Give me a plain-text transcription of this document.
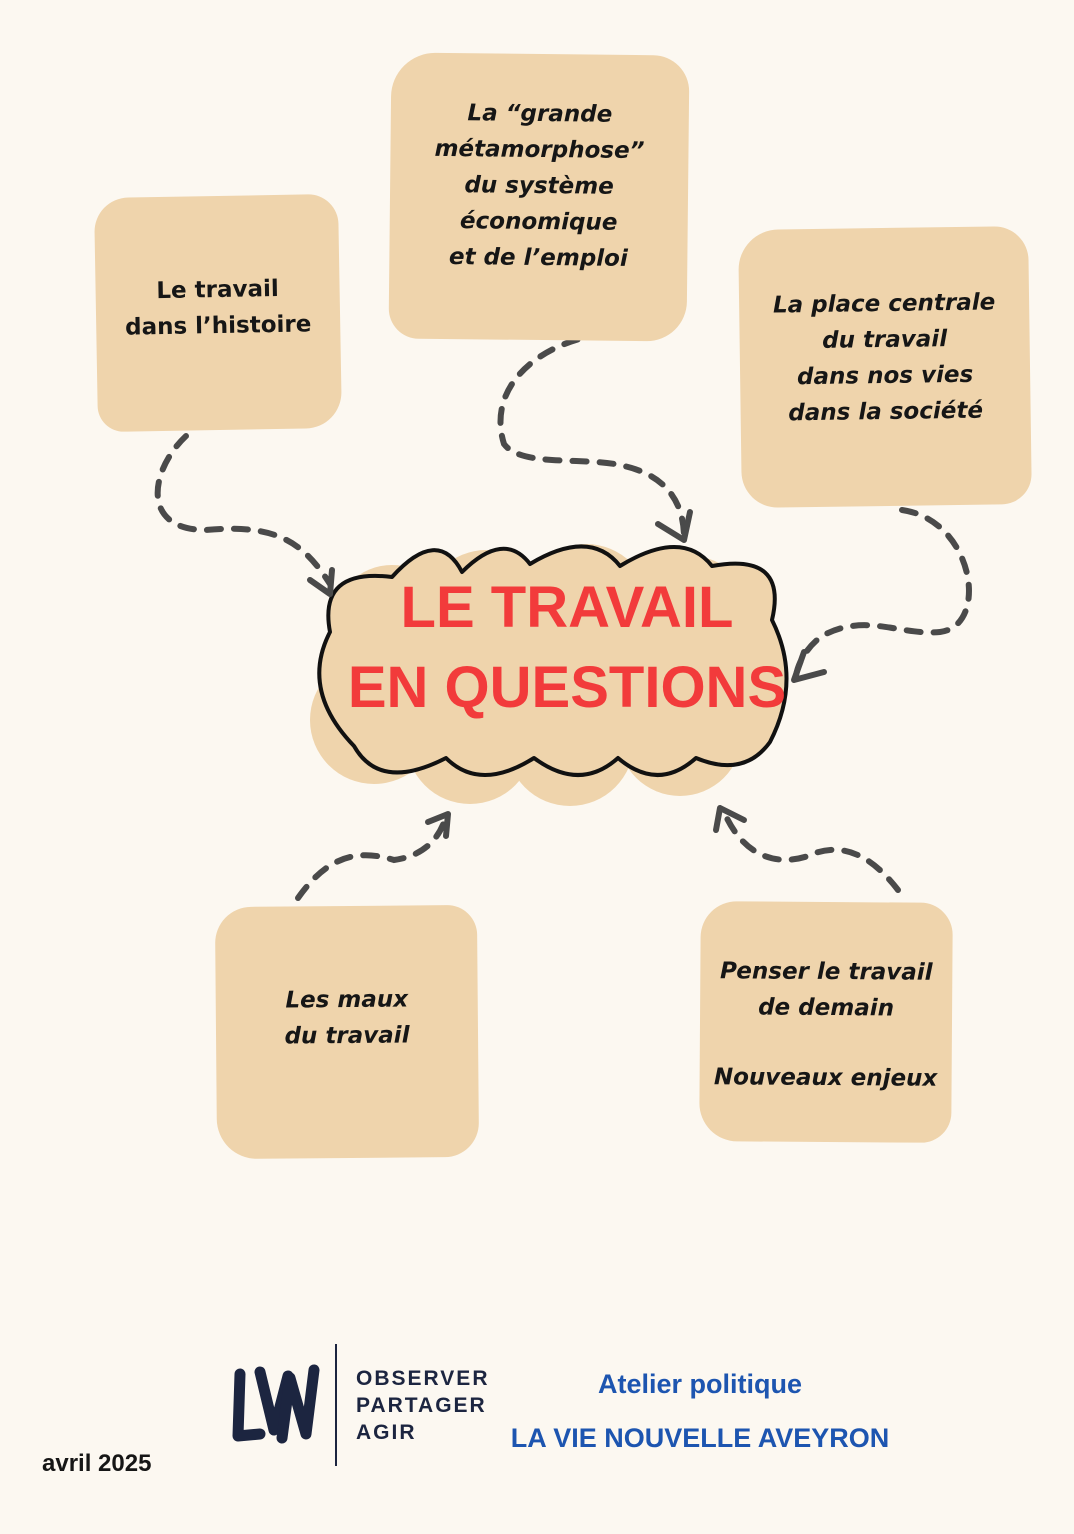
LE TRAVAIL
EN QUESTIONS
Le travail
dans l’histoire
La “grande
métamorphose”
du système
économique
et de l’emploi
La place centrale
du travail
dans nos vies
dans la société
Les maux
du travail
Penser le travail
de demain
Nouveaux enjeux
OBSERVER
PARTAGER
AGIR
Atelier politique
LA VIE NOUVELLE AVEYRON
avril 2025
